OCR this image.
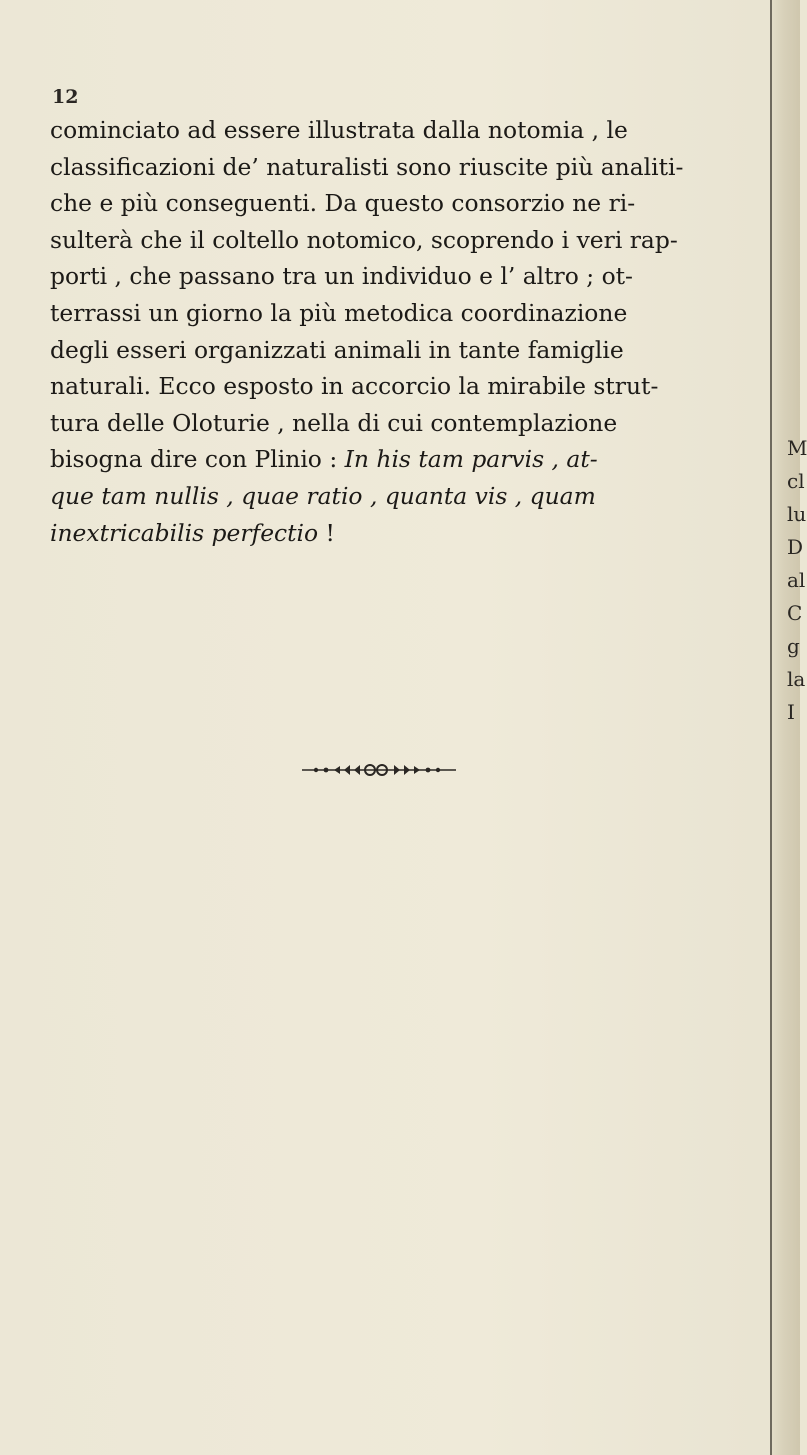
12
cominciato ad essere illustrata dalla notomia , le
classificazioni de’ naturalisti sono riuscite più analiti-
che e più conseguenti. Da questo consorzio ne ri-
sulterà che il coltello notomico, scoprendo i veri rap-
porti , che passano tra un individuo e l’ altro ; ot-
terrassi un giorno la più metodica coordinazione
degli esseri organizzati animali in tante famiglie
naturali. Ecco esposto in accorcio la mirabile strut-
tura delle Oloturie , nella di cui contemplazione
bisogna dire con Plinio : In his tam parvis , at-
que tam nullis , quae ratio , quanta vis , quam
inextricabilis perfectio !
M
cl
lu
D
al
C
g
la
I
